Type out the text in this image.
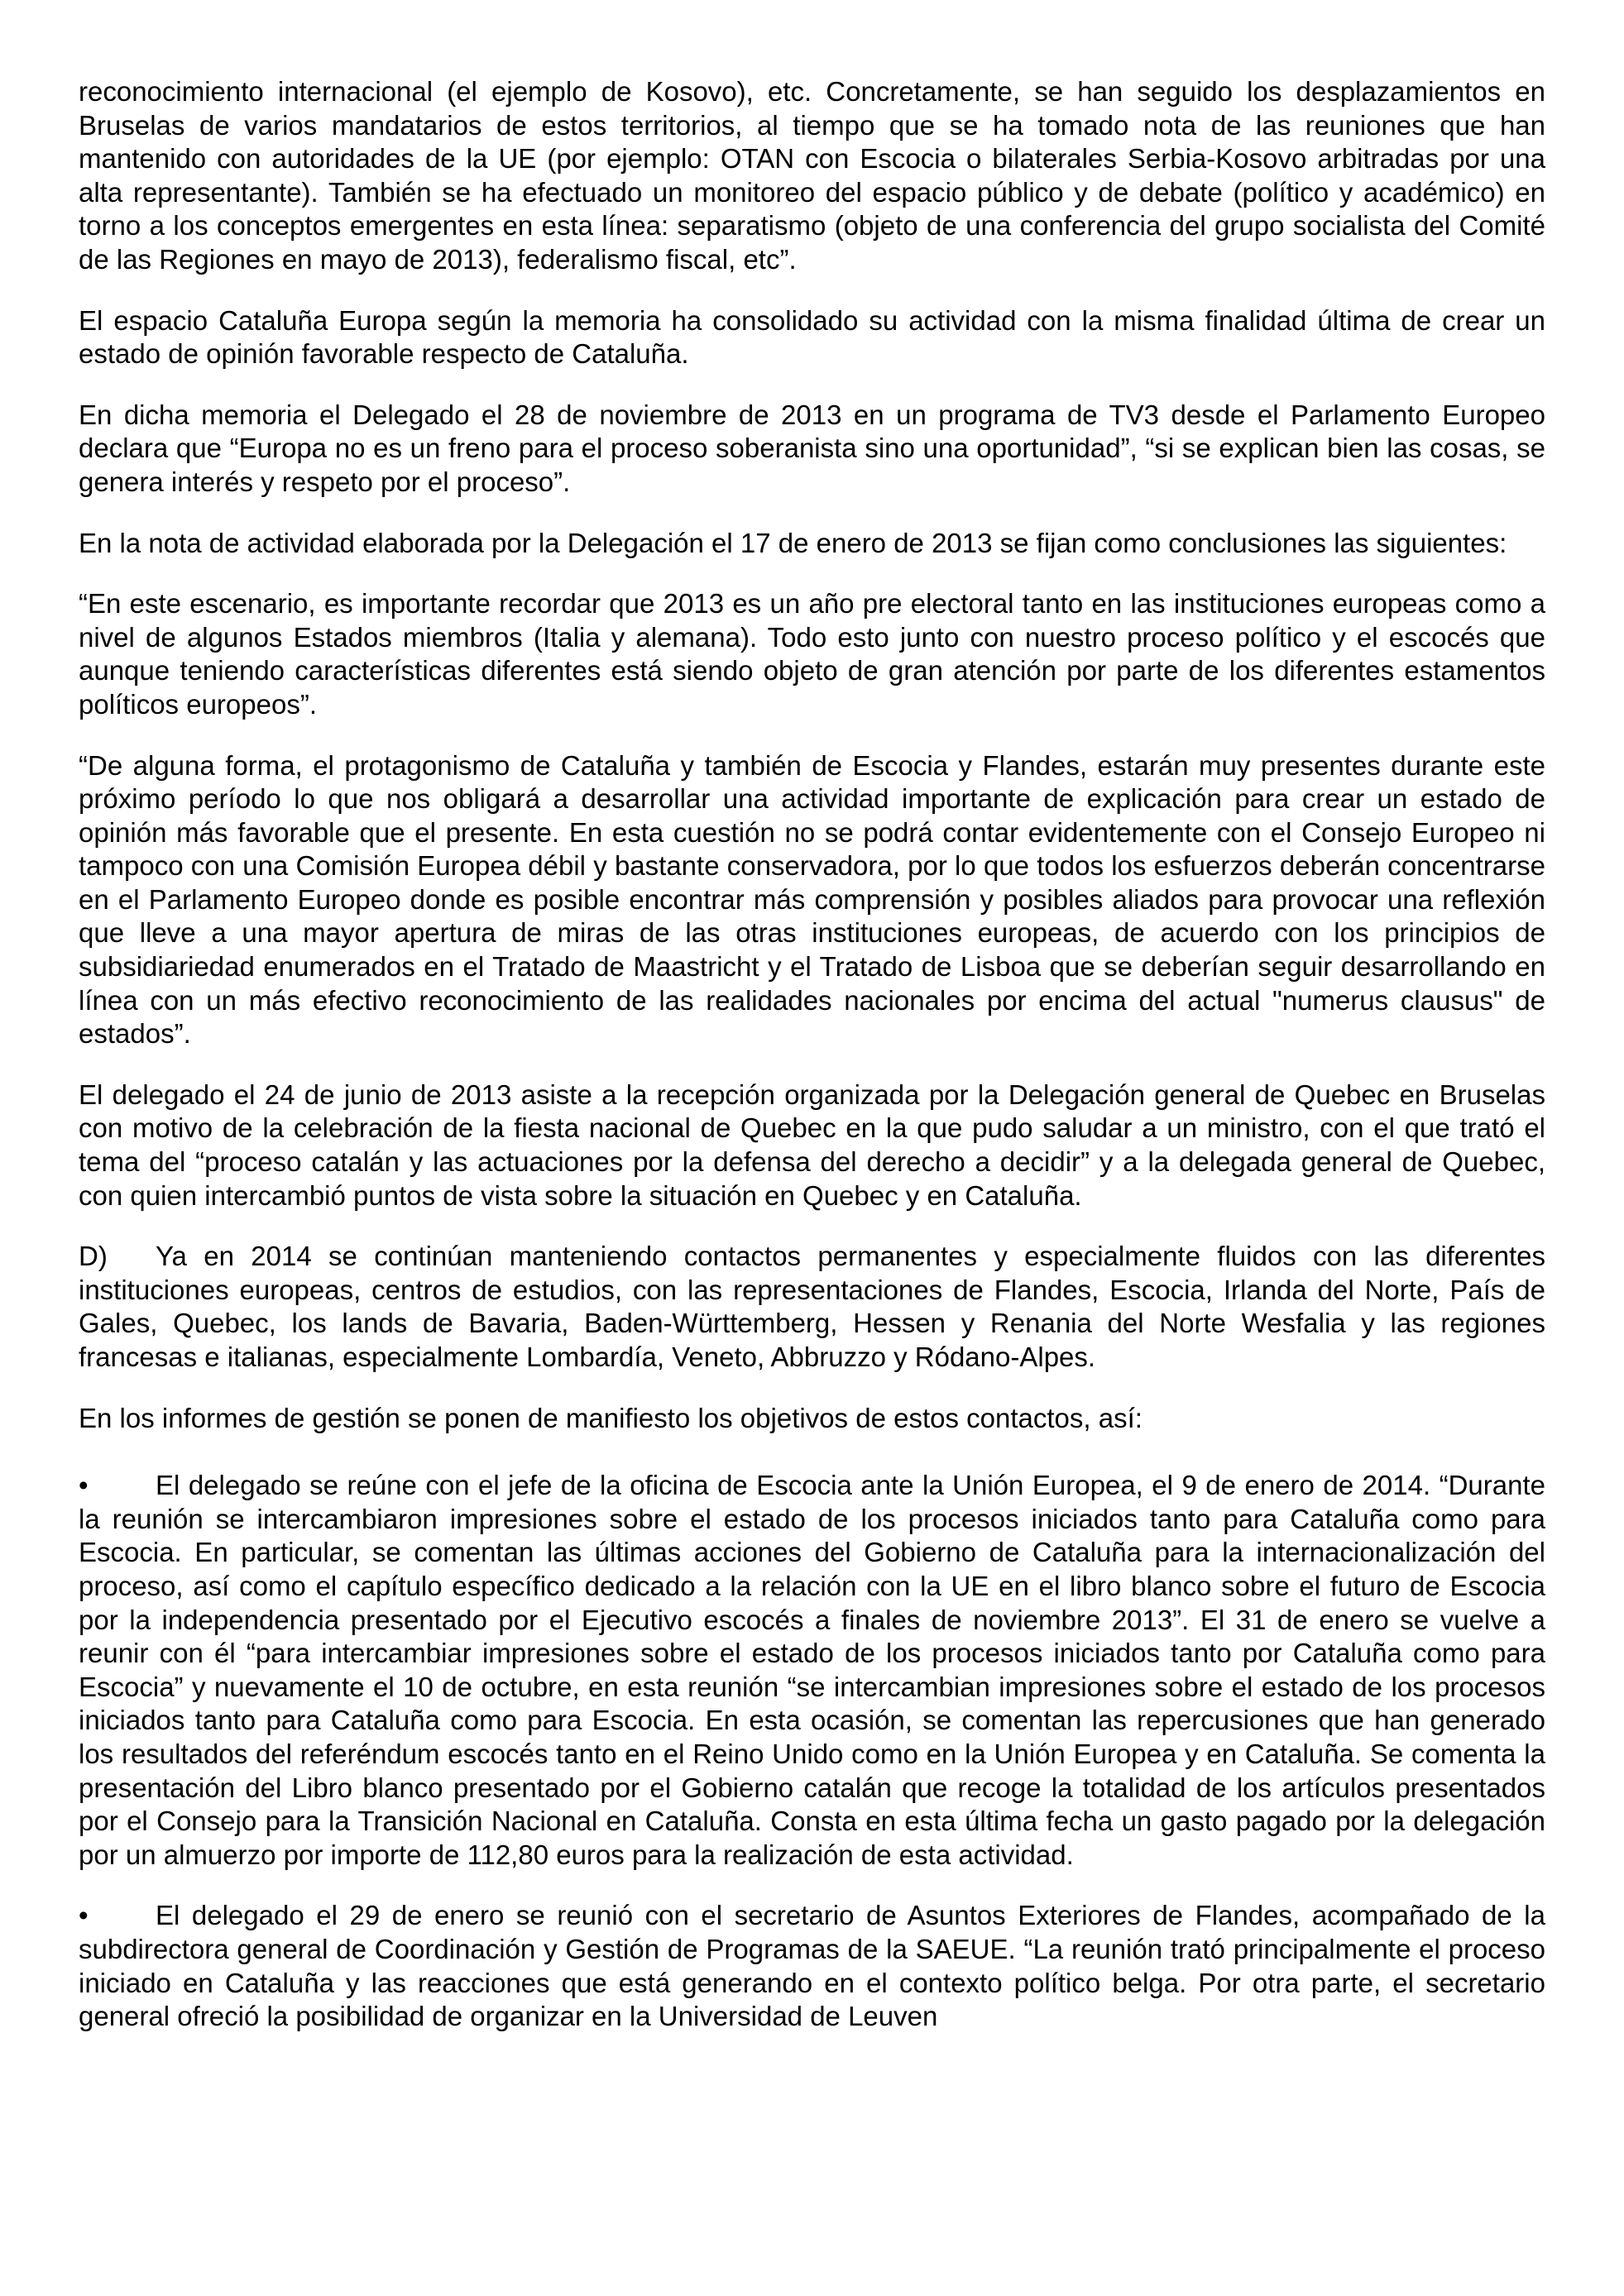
reconocimiento internacional (el ejemplo de Kosovo), etc. Concretamente, se han seguido los desplazamientos en Bruselas de varios mandatarios de estos territorios, al tiempo que se ha tomado nota de las reuniones que han mantenido con autoridades de la UE (por ejemplo: OTAN con Escocia o bilaterales Serbia-Kosovo arbitradas por una alta representante). También se ha efectuado un monitoreo del espacio público y de debate (político y académico) en torno a los conceptos emergentes en esta línea: separatismo (objeto de una conferencia del grupo socialista del Comité de las Regiones en mayo de 2013), federalismo fiscal, etc”.

El espacio Cataluña Europa según la memoria ha consolidado su actividad con la misma finalidad última de crear un estado de opinión favorable respecto de Cataluña.

En dicha memoria el Delegado el 28 de noviembre de 2013 en un programa de TV3 desde el Parlamento Europeo declara que “Europa no es un freno para el proceso soberanista sino una oportunidad”, “si se explican bien las cosas, se genera interés y respeto por el proceso”.

En la nota de actividad elaborada por la Delegación el 17 de enero de 2013 se fijan como conclusiones las siguientes:

“En este escenario, es importante recordar que 2013 es un año pre electoral tanto en las instituciones europeas como a nivel de algunos Estados miembros (Italia y alemana). Todo esto junto con nuestro proceso político y el escocés que aunque teniendo características diferentes está siendo objeto de gran atención por parte de los diferentes estamentos políticos europeos”.

“De alguna forma, el protagonismo de Cataluña y también de Escocia y Flandes, estarán muy presentes durante este próximo período lo que nos obligará a desarrollar una actividad importante de explicación para crear un estado de opinión más favorable que el presente. En esta cuestión no se podrá contar evidentemente con el Consejo Europeo ni tampoco con una Comisión Europea débil y bastante conservadora, por lo que todos los esfuerzos deberán concentrarse en el Parlamento Europeo donde es posible encontrar más comprensión y posibles aliados para provocar una reflexión que lleve a una mayor apertura de miras de las otras instituciones europeas, de acuerdo con los principios de subsidiariedad enumerados en el Tratado de Maastricht y el Tratado de Lisboa que se deberían seguir desarrollando en línea con un más efectivo reconocimiento de las realidades nacionales por encima del actual "numerus clausus" de estados”.

El delegado el 24 de junio de 2013 asiste a la recepción organizada por la Delegación general de Quebec en Bruselas con motivo de la celebración de la fiesta nacional de Quebec en la que pudo saludar a un ministro, con el que trató el tema del “proceso catalán y las actuaciones por la defensa del derecho a decidir” y a la delegada general de Quebec, con quien intercambió puntos de vista sobre la situación en Quebec y en Cataluña.

D) Ya en 2014 se continúan manteniendo contactos permanentes y especialmente fluidos con las diferentes instituciones europeas, centros de estudios, con las representaciones de Flandes, Escocia, Irlanda del Norte, País de Gales, Quebec, los lands de Bavaria, Baden-Württemberg, Hessen y Renania del Norte Wesfalia y las regiones francesas e italianas, especialmente Lombardía, Veneto, Abbruzzo y Ródano-Alpes.

En los informes de gestión se ponen de manifiesto los objetivos de estos contactos, así:

• El delegado se reúne con el jefe de la oficina de Escocia ante la Unión Europea, el 9 de enero de 2014. “Durante la reunión se intercambiaron impresiones sobre el estado de los procesos iniciados tanto para Cataluña como para Escocia. En particular, se comentan las últimas acciones del Gobierno de Cataluña para la internacionalización del proceso, así como el capítulo específico dedicado a la relación con la UE en el libro blanco sobre el futuro de Escocia por la independencia presentado por el Ejecutivo escocés a finales de noviembre 2013”. El 31 de enero se vuelve a reunir con él “para intercambiar impresiones sobre el estado de los procesos iniciados tanto por Cataluña como para Escocia” y nuevamente el 10 de octubre, en esta reunión “se intercambian impresiones sobre el estado de los procesos iniciados tanto para Cataluña como para Escocia. En esta ocasión, se comentan las repercusiones que han generado los resultados del referéndum escocés tanto en el Reino Unido como en la Unión Europea y en Cataluña. Se comenta la presentación del Libro blanco presentado por el Gobierno catalán que recoge la totalidad de los artículos presentados por el Consejo para la Transición Nacional en Cataluña. Consta en esta última fecha un gasto pagado por la delegación por un almuerzo por importe de 112,80 euros para la realización de esta actividad.

• El delegado el 29 de enero se reunió con el secretario de Asuntos Exteriores de Flandes, acompañado de la subdirectora general de Coordinación y Gestión de Programas de la SAEUE. “La reunión trató principalmente el proceso iniciado en Cataluña y las reacciones que está generando en el contexto político belga. Por otra parte, el secretario general ofreció la posibilidad de organizar en la Universidad de Leuven
